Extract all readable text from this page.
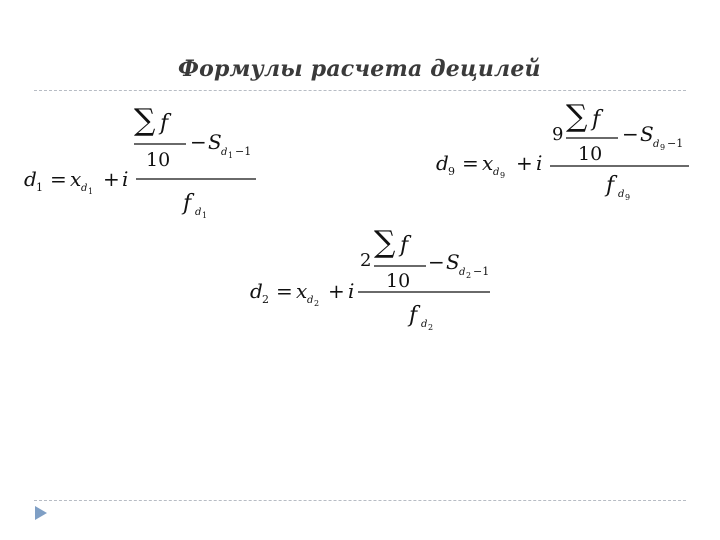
Формулы расчета децилей
d 1 = x d 1
+ i
∑ f
10
− S d 1 −1
f d 1
d 9 = x d 9
+ i
9
∑ f
10
− S d 9 −1
f d 9
d 2 = x d 2
+ i
2
∑ f
10
− S d 2 −1
f d 2
